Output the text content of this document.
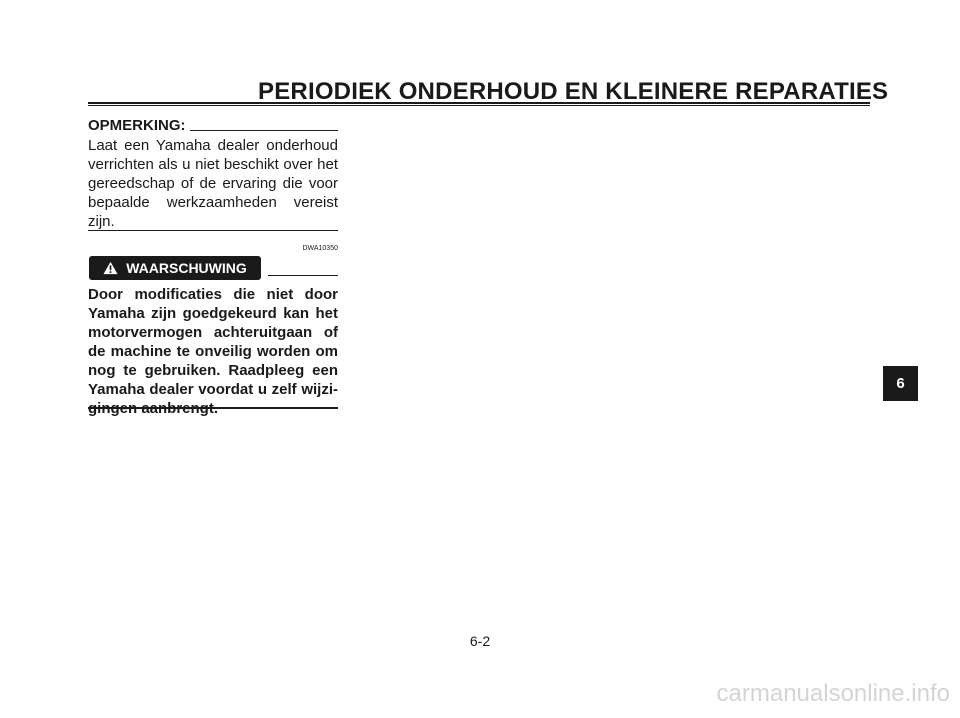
PERIODIEK ONDERHOUD EN KLEINERE REPARATIES
OPMERKING:
Laat een Yamaha dealer onderhoud verrichten als u niet beschikt over het gereedschap of de ervaring die voor bepaalde werkzaamheden vereist zijn.
DWA10350
WAARSCHUWING
Door modificaties die niet door Yamaha zijn goedgekeurd kan het motorvermogen achteruitgaan of de machine te onveilig worden om nog te gebruiken. Raadpleeg een Yamaha dealer voordat u zelf wijzi-gingen aanbrengt.
6
6-2
carmanualsonline.info
